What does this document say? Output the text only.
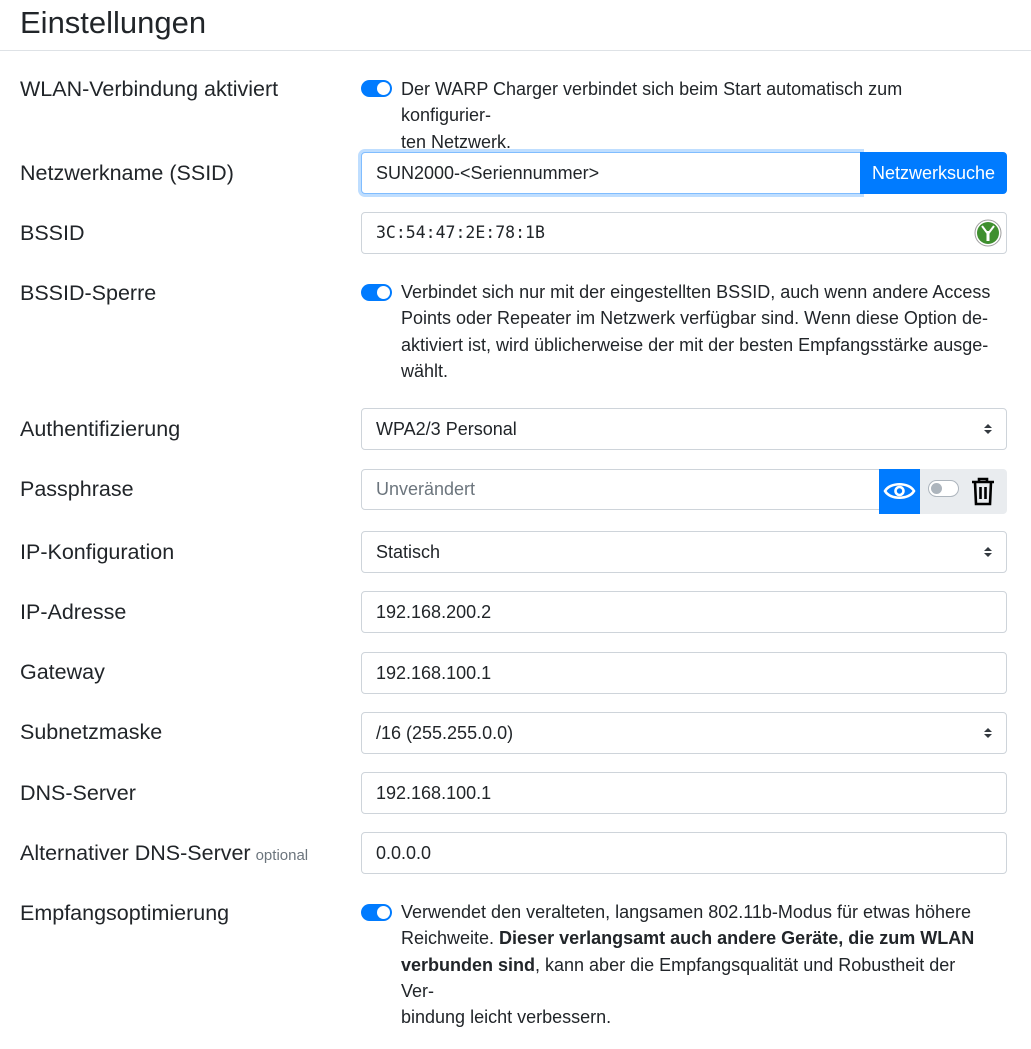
Einstellungen
WLAN-Verbindung aktiviert	Der WARP Charger verbindet sich beim Start automatisch zum konfigurier-
ten Netzwerk.
Netzwerkname (SSID)	SUN2000-<Seriennummer>	Netzwerksuche
BSSID	3C:54:47:2E:78:1B
BSSID-Sperre	Verbindet sich nur mit der eingestellten BSSID, auch wenn andere Access
Points oder Repeater im Netzwerk verfügbar sind. Wenn diese Option de-
aktiviert ist, wird üblicherweise der mit der besten Empfangsstärke ausge-
wählt.
Authentifizierung	WPA2/3 Personal
Passphrase	Unverändert
IP-Konfiguration	Statisch
IP-Adresse	192.168.200.2
Gateway	192.168.100.1
Subnetzmaske	/16 (255.255.0.0)
DNS-Server	192.168.100.1
Alternativer DNS-Server optional	0.0.0.0
Empfangsoptimierung	Verwendet den veralteten, langsamen 802.11b-Modus für etwas höhere
Reichweite. Dieser verlangsamt auch andere Geräte, die zum WLAN
verbunden sind, kann aber die Empfangsqualität und Robustheit der Ver-
bindung leicht verbessern.
